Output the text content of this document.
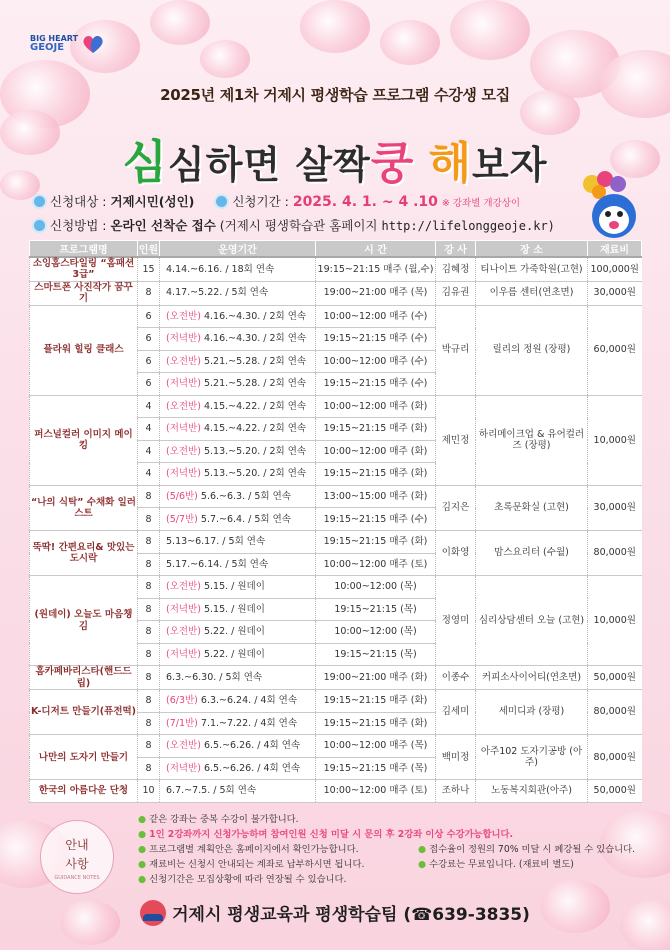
BIG HEART
GEOJE
2025년 제1차 거제시 평생학습 프로그램 수강생 모집
심심하면 살짝쿵 해보자
신청대상 : 거제시민(성인)	신청기간 : 2025. 4. 1. ~ 4 .10 ※ 강좌별 개강상이
신청방법 : 온라인 선착순 접수 (거제시 평생학습관 홈페이지 http://lifelonggeoje.kr)
프로그램명	인원	운영기간	시 간	강 사	장 소	재료비
소잉홈스타일링 “홈패션3급”	15	4.14.~6.16. / 18회 연속	19:15~21:15 매주 (월,수)	김혜정	티나이트 가죽학원(고현)	100,000원
스마트폰 사진작가 꿈꾸기	8	4.17.~5.22. / 5회 연속	19:00~21:00 매주 (목)	김유권	이우름 센터(연초면)	30,000원
플라워 힐링 클래스	6	(오전반) 4.16.~4.30. / 2회 연속	10:00~12:00 매주 (수)	박규리	릴리의 정원 (장평)	60,000원
	6	(저녁반) 4.16.~4.30. / 2회 연속	19:15~21:15 매주 (수)			
	6	(오전반) 5.21.~5.28. / 2회 연속	10:00~12:00 매주 (수)			
	6	(저녁반) 5.21.~5.28. / 2회 연속	19:15~21:15 매주 (수)			
퍼스널컬러 이미지 메이킹	4	(오전반) 4.15.~4.22. / 2회 연속	10:00~12:00 매주 (화)	제민정	하리메이크업 & 유어컬러즈 (장평)	10,000원
	4	(저녁반) 4.15.~4.22. / 2회 연속	19:15~21:15 매주 (화)			
	4	(오전반) 5.13.~5.20. / 2회 연속	10:00~12:00 매주 (화)			
	4	(저녁반) 5.13.~5.20. / 2회 연속	19:15~21:15 매주 (화)			
“나의 식탁” 수채화 일러스트	8	(5/6반) 5.6.~6.3. / 5회 연속	13:00~15:00 매주 (화)	김지은	초록문화실 (고현)	30,000원
	8	(5/7반) 5.7.~6.4. / 5회 연속	19:15~21:15 매주 (수)			
뚝딱! 간편요리& 맛있는 도시락	8	5.13~6.17. / 5회 연속	19:15~21:15 매주 (화)	이화영	맘스요리터 (수월)	80,000원
	8	5.17.~6.14. / 5회 연속	10:00~12:00 매주 (토)			
(원데이) 오늘도 마음챙김	8	(오전반) 5.15. / 원데이	10:00~12:00 (목)	정영미	심리상담센터 오늘 (고현)	10,000원
	8	(저녁반) 5.15. / 원데이	19:15~21:15 (목)			
	8	(오전반) 5.22. / 원데이	10:00~12:00 (목)			
	8	(저녁반) 5.22. / 원데이	19:15~21:15 (목)			
홈카페바리스타(핸드드립)	8	6.3.~6.30. / 5회 연속	19:00~21:00 매주 (화)	이종수	커피소사이어티(연초면)	50,000원
K-디저트 만들기(퓨전떡)	8	(6/3반) 6.3.~6.24. / 4회 연속	19:15~21:15 매주 (화)	김세미	세미디과 (장평)	80,000원
	8	(7/1반) 7.1.~7.22. / 4회 연속	19:15~21:15 매주 (화)			
나만의 도자기 만들기	8	(오전반) 6.5.~6.26. / 4회 연속	10:00~12:00 매주 (목)	백미정	아주102 도자기공방 (아주)	80,000원
	8	(저녁반) 6.5.~6.26. / 4회 연속	19:15~21:15 매주 (목)			
한국의 아름다운 단청	10	6.7.~7.5. / 5회 연속	10:00~12:00 매주 (토)	조하나	노동복지회관(아주)	50,000원
안내
사항
GUIDANCE NOTES
● 같은 강좌는 중복 수강이 불가합니다.
● 1인 2강좌까지 신청가능하며 참여인원 신청 미달 시 문의 후 2강좌 이상 수강가능합니다.
● 프로그램별 계획안은 홈페이지에서 확인가능합니다.
● 재료비는 신청시 안내되는 계좌로 납부하시면 됩니다.
● 신청기간은 모집상황에 따라 연장될 수 있습니다.
● 접수율이 정원의 70% 미달 시 폐강될 수 있습니다.
● 수강료는 무료입니다. (재료비 별도)
거제시 평생교육과 평생학습팀 (☎639-3835)
